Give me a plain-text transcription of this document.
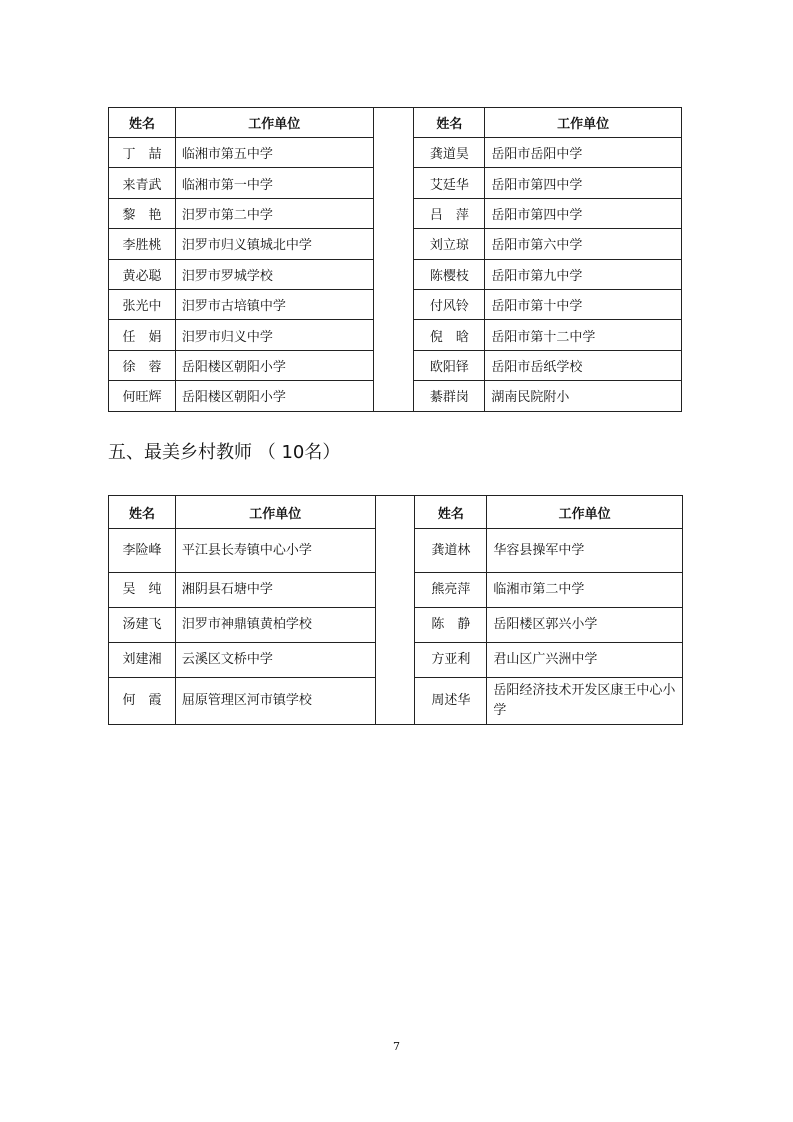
姓名	工作单位		姓名	工作单位
丁　喆	临湘市第五中学		龚道昊	岳阳市岳阳中学
来青武	临湘市第一中学		艾廷华	岳阳市第四中学
黎　艳	汨罗市第二中学		吕　萍	岳阳市第四中学
李胜桃	汨罗市归义镇城北中学		刘立琼	岳阳市第六中学
黄必聪	汨罗市罗城学校		陈樱枝	岳阳市第九中学
张光中	汨罗市古培镇中学		付风铃	岳阳市第十中学
任　娟	汨罗市归义中学		倪　晗	岳阳市第十二中学
徐　蓉	岳阳楼区朝阳小学		欧阳铎	岳阳市岳纸学校
何旺辉	岳阳楼区朝阳小学		綦群岗	湖南民院附小
五、最美乡村教师 （ 10名）
姓名	工作单位		姓名	工作单位
李险峰	平江县长寿镇中心小学		龚道林	华容县操军中学
吴　纯	湘阴县石塘中学		熊亮萍	临湘市第二中学
汤建飞	汨罗市神鼎镇黄柏学校		陈　静	岳阳楼区郭兴小学
刘建湘	云溪区文桥中学		方亚利	君山区广兴洲中学
何　霞	屈原管理区河市镇学校		周述华	岳阳经济技术开发区康王中心小学
7
